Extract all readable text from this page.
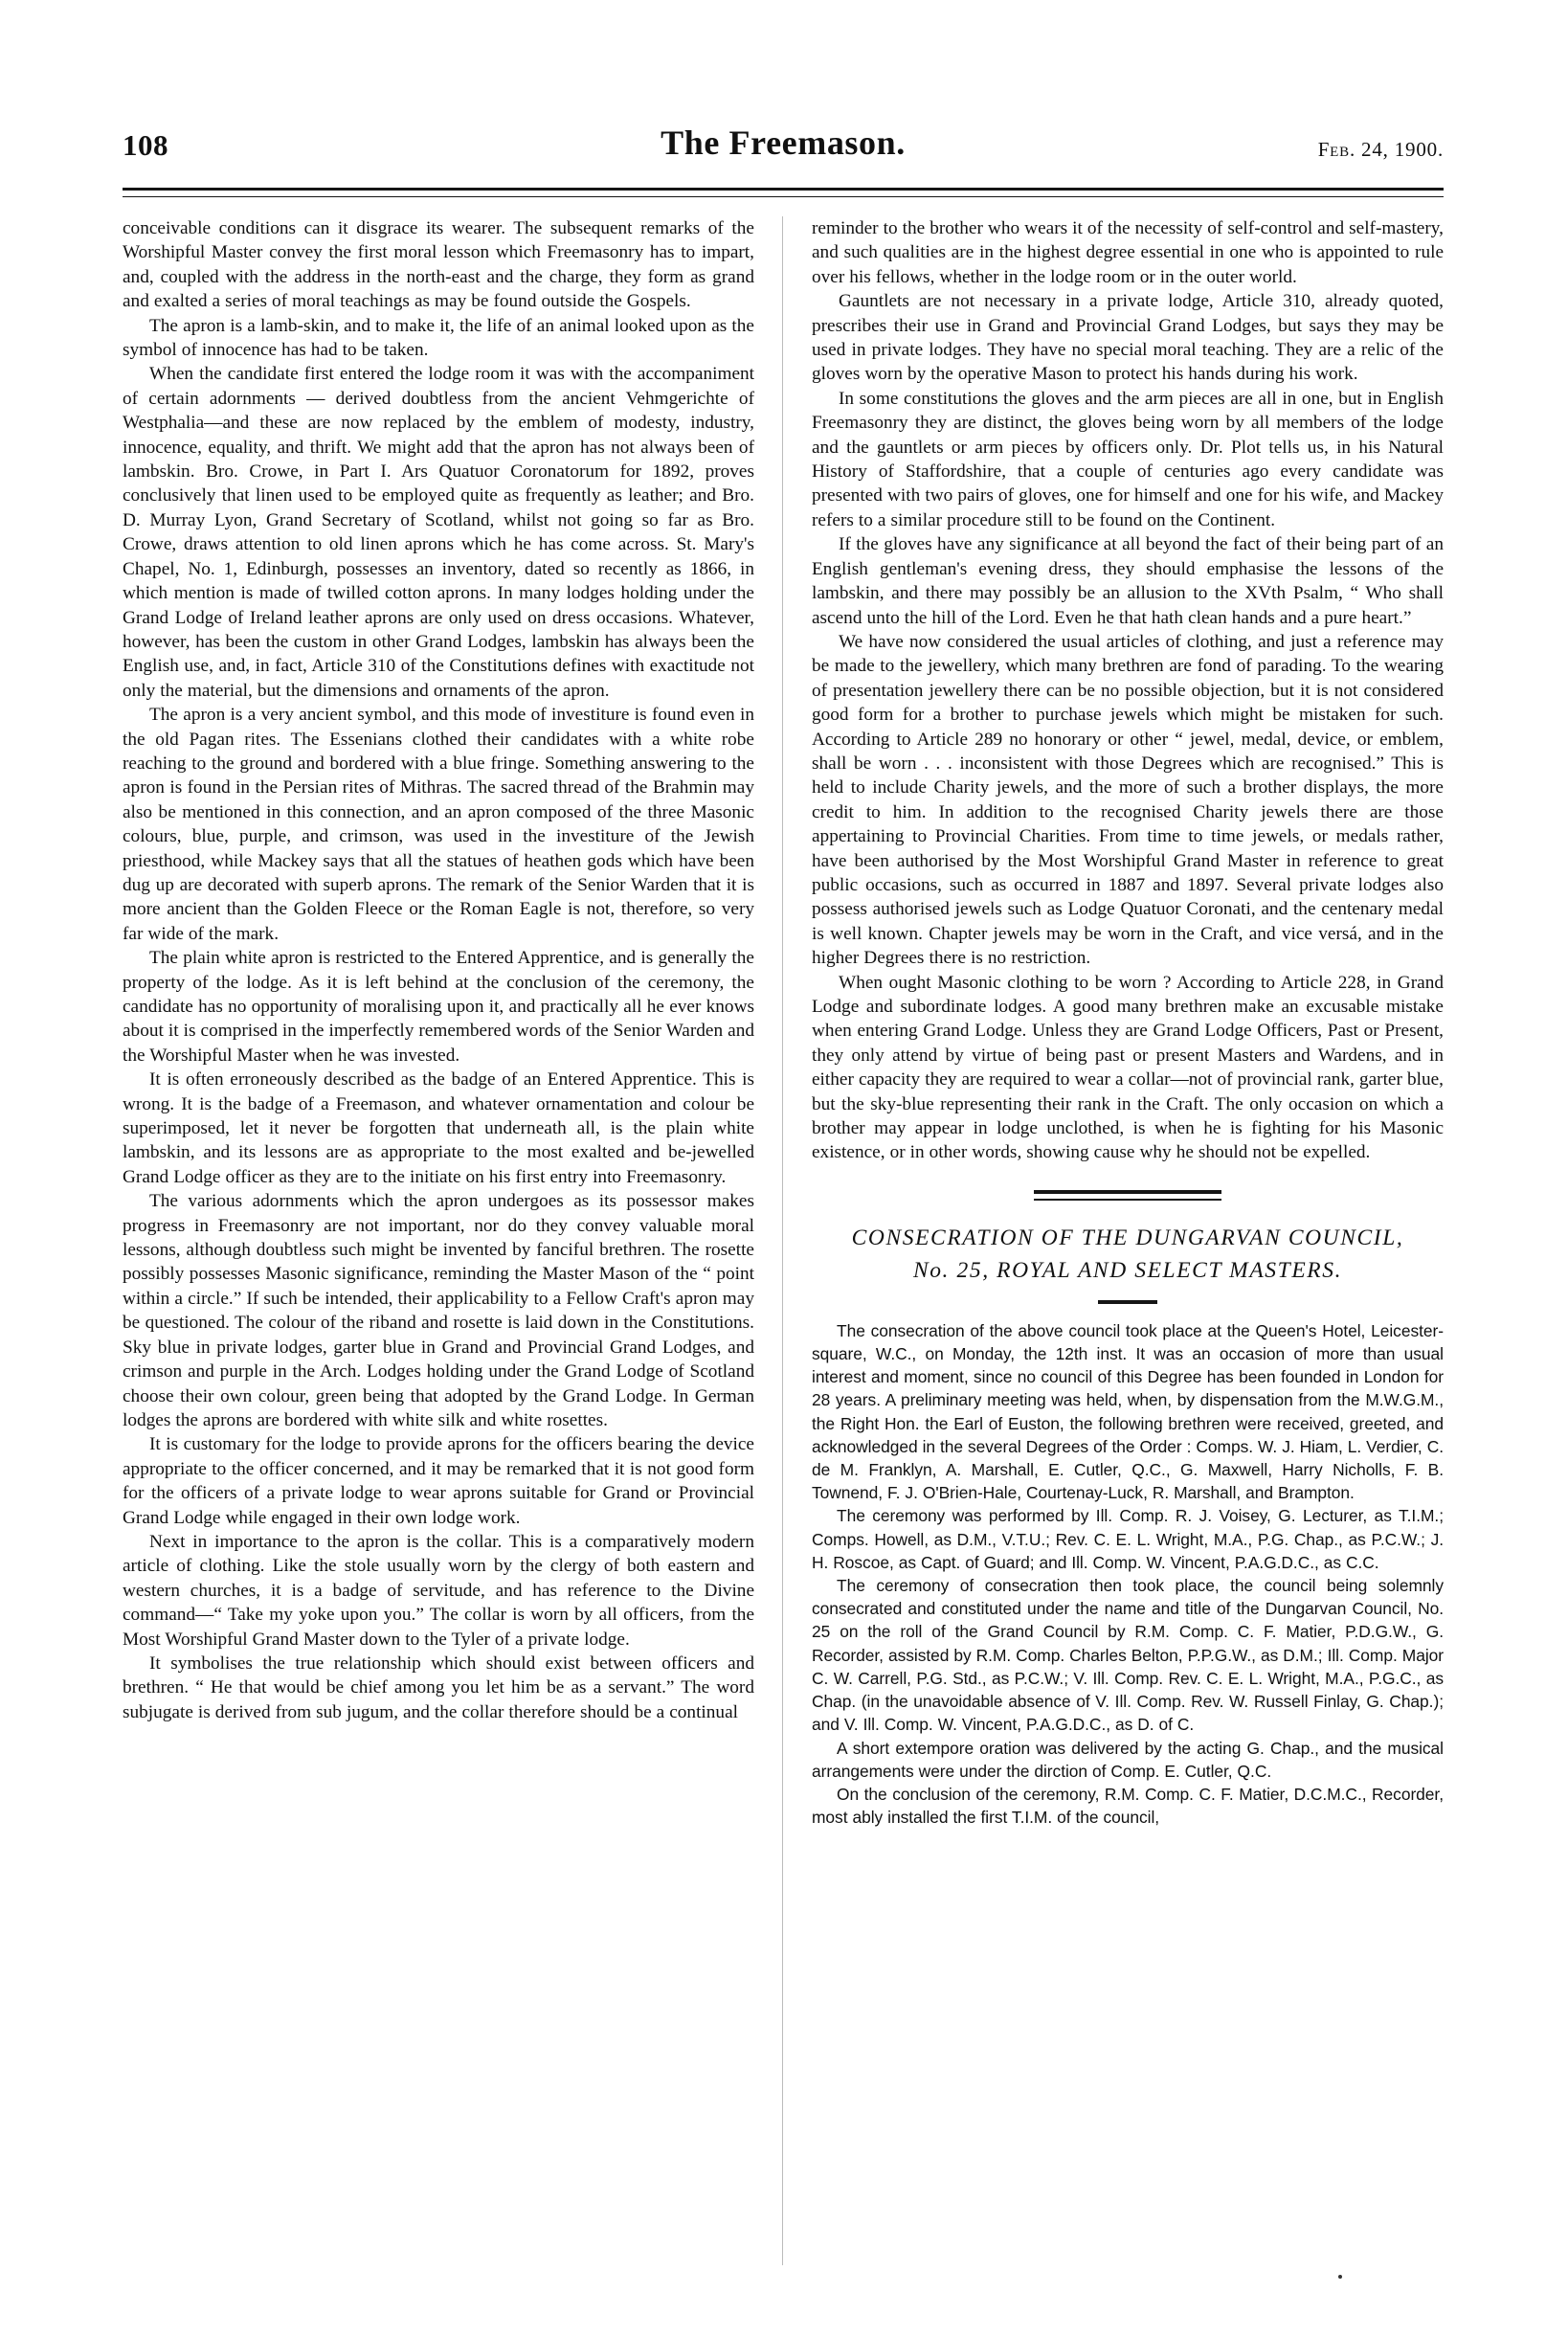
108	The Freemason.	Feb. 24, 1900.

conceivable conditions can it disgrace its wearer. The subsequent remarks of the Worshipful Master convey the first moral lesson which Freemasonry has to impart, and, coupled with the address in the north-east and the charge, they form as grand and exalted a series of moral teachings as may be found outside the Gospels.

The apron is a lamb-skin, and to make it, the life of an animal looked upon as the symbol of innocence has had to be taken.

When the candidate first entered the lodge room it was with the accompaniment of certain adornments — derived doubtless from the ancient Vehmgerichte of Westphalia—and these are now replaced by the emblem of modesty, industry, innocence, equality, and thrift. We might add that the apron has not always been of lambskin. Bro. Crowe, in Part I. Ars Quatuor Coronatorum for 1892, proves conclusively that linen used to be employed quite as frequently as leather; and Bro. D. Murray Lyon, Grand Secretary of Scotland, whilst not going so far as Bro. Crowe, draws attention to old linen aprons which he has come across. St. Mary's Chapel, No. 1, Edinburgh, possesses an inventory, dated so recently as 1866, in which mention is made of twilled cotton aprons. In many lodges holding under the Grand Lodge of Ireland leather aprons are only used on dress occasions. Whatever, however, has been the custom in other Grand Lodges, lambskin has always been the English use, and, in fact, Article 310 of the Constitutions defines with exactitude not only the material, but the dimensions and ornaments of the apron.

The apron is a very ancient symbol, and this mode of investiture is found even in the old Pagan rites. The Essenians clothed their candidates with a white robe reaching to the ground and bordered with a blue fringe. Something answering to the apron is found in the Persian rites of Mithras. The sacred thread of the Brahmin may also be mentioned in this connection, and an apron composed of the three Masonic colours, blue, purple, and crimson, was used in the investiture of the Jewish priesthood, while Mackey says that all the statues of heathen gods which have been dug up are decorated with superb aprons. The remark of the Senior Warden that it is more ancient than the Golden Fleece or the Roman Eagle is not, therefore, so very far wide of the mark.

The plain white apron is restricted to the Entered Apprentice, and is generally the property of the lodge. As it is left behind at the conclusion of the ceremony, the candidate has no opportunity of moralising upon it, and practically all he ever knows about it is comprised in the imperfectly remembered words of the Senior Warden and the Worshipful Master when he was invested.

It is often erroneously described as the badge of an Entered Apprentice. This is wrong. It is the badge of a Freemason, and whatever ornamentation and colour be superimposed, let it never be forgotten that underneath all, is the plain white lambskin, and its lessons are as appropriate to the most exalted and be-jewelled Grand Lodge officer as they are to the initiate on his first entry into Freemasonry.

The various adornments which the apron undergoes as its possessor makes progress in Freemasonry are not important, nor do they convey valuable moral lessons, although doubtless such might be invented by fanciful brethren. The rosette possibly possesses Masonic significance, reminding the Master Mason of the “ point within a circle.” If such be intended, their applicability to a Fellow Craft's apron may be questioned. The colour of the riband and rosette is laid down in the Constitutions. Sky blue in private lodges, garter blue in Grand and Provincial Grand Lodges, and crimson and purple in the Arch. Lodges holding under the Grand Lodge of Scotland choose their own colour, green being that adopted by the Grand Lodge. In German lodges the aprons are bordered with white silk and white rosettes.

It is customary for the lodge to provide aprons for the officers bearing the device appropriate to the officer concerned, and it may be remarked that it is not good form for the officers of a private lodge to wear aprons suitable for Grand or Provincial Grand Lodge while engaged in their own lodge work.

Next in importance to the apron is the collar. This is a comparatively modern article of clothing. Like the stole usually worn by the clergy of both eastern and western churches, it is a badge of servitude, and has reference to the Divine command—“ Take my yoke upon you.” The collar is worn by all officers, from the Most Worshipful Grand Master down to the Tyler of a private lodge.

It symbolises the true relationship which should exist between officers and brethren. “ He that would be chief among you let him be as a servant.” The word subjugate is derived from sub jugum, and the collar therefore should be a continual

reminder to the brother who wears it of the necessity of self-control and self-mastery, and such qualities are in the highest degree essential in one who is appointed to rule over his fellows, whether in the lodge room or in the outer world.

Gauntlets are not necessary in a private lodge, Article 310, already quoted, prescribes their use in Grand and Provincial Grand Lodges, but says they may be used in private lodges. They have no special moral teaching. They are a relic of the gloves worn by the operative Mason to protect his hands during his work.

In some constitutions the gloves and the arm pieces are all in one, but in English Freemasonry they are distinct, the gloves being worn by all members of the lodge and the gauntlets or arm pieces by officers only. Dr. Plot tells us, in his Natural History of Staffordshire, that a couple of centuries ago every candidate was presented with two pairs of gloves, one for himself and one for his wife, and Mackey refers to a similar procedure still to be found on the Continent.

If the gloves have any significance at all beyond the fact of their being part of an English gentleman's evening dress, they should emphasise the lessons of the lambskin, and there may possibly be an allusion to the XVth Psalm, “ Who shall ascend unto the hill of the Lord. Even he that hath clean hands and a pure heart.”

We have now considered the usual articles of clothing, and just a reference may be made to the jewellery, which many brethren are fond of parading. To the wearing of presentation jewellery there can be no possible objection, but it is not considered good form for a brother to purchase jewels which might be mistaken for such. According to Article 289 no honorary or other “ jewel, medal, device, or emblem, shall be worn . . . inconsistent with those Degrees which are recognised.” This is held to include Charity jewels, and the more of such a brother displays, the more credit to him. In addition to the recognised Charity jewels there are those appertaining to Provincial Charities. From time to time jewels, or medals rather, have been authorised by the Most Worshipful Grand Master in reference to great public occasions, such as occurred in 1887 and 1897. Several private lodges also possess authorised jewels such as Lodge Quatuor Coronati, and the centenary medal is well known. Chapter jewels may be worn in the Craft, and vice versá, and in the higher Degrees there is no restriction.

When ought Masonic clothing to be worn ? According to Article 228, in Grand Lodge and subordinate lodges. A good many brethren make an excusable mistake when entering Grand Lodge. Unless they are Grand Lodge Officers, Past or Present, they only attend by virtue of being past or present Masters and Wardens, and in either capacity they are required to wear a collar—not of provincial rank, garter blue, but the sky-blue representing their rank in the Craft. The only occasion on which a brother may appear in lodge unclothed, is when he is fighting for his Masonic existence, or in other words, showing cause why he should not be expelled.

CONSECRATION OF THE DUNGARVAN COUNCIL,
No. 25, ROYAL AND SELECT MASTERS.

The consecration of the above council took place at the Queen's Hotel, Leicester-square, W.C., on Monday, the 12th inst. It was an occasion of more than usual interest and moment, since no council of this Degree has been founded in London for 28 years. A preliminary meeting was held, when, by dispensation from the M.W.G.M., the Right Hon. the Earl of Euston, the following brethren were received, greeted, and acknowledged in the several Degrees of the Order : Comps. W. J. Hiam, L. Verdier, C. de M. Franklyn, A. Marshall, E. Cutler, Q.C., G. Maxwell, Harry Nicholls, F. B. Townend, F. J. O'Brien-Hale, Courtenay-Luck, R. Marshall, and Brampton.

The ceremony was performed by Ill. Comp. R. J. Voisey, G. Lecturer, as T.I.M.; Comps. Howell, as D.M., V.T.U.; Rev. C. E. L. Wright, M.A., P.G. Chap., as P.C.W.; J. H. Roscoe, as Capt. of Guard; and Ill. Comp. W. Vincent, P.A.G.D.C., as C.C.

The ceremony of consecration then took place, the council being solemnly consecrated and constituted under the name and title of the Dungarvan Council, No. 25 on the roll of the Grand Council by R.M. Comp. C. F. Matier, P.D.G.W., G. Recorder, assisted by R.M. Comp. Charles Belton, P.P.G.W., as D.M.; Ill. Comp. Major C. W. Carrell, P.G. Std., as P.C.W.; V. Ill. Comp. Rev. C. E. L. Wright, M.A., P.G.C., as Chap. (in the unavoidable absence of V. Ill. Comp. Rev. W. Russell Finlay, G. Chap.); and V. Ill. Comp. W. Vincent, P.A.G.D.C., as D. of C.

A short extempore oration was delivered by the acting G. Chap., and the musical arrangements were under the dirction of Comp. E. Cutler, Q.C.

On the conclusion of the ceremony, R.M. Comp. C. F. Matier, D.C.M.C., Recorder, most ably installed the first T.I.M. of the council,
